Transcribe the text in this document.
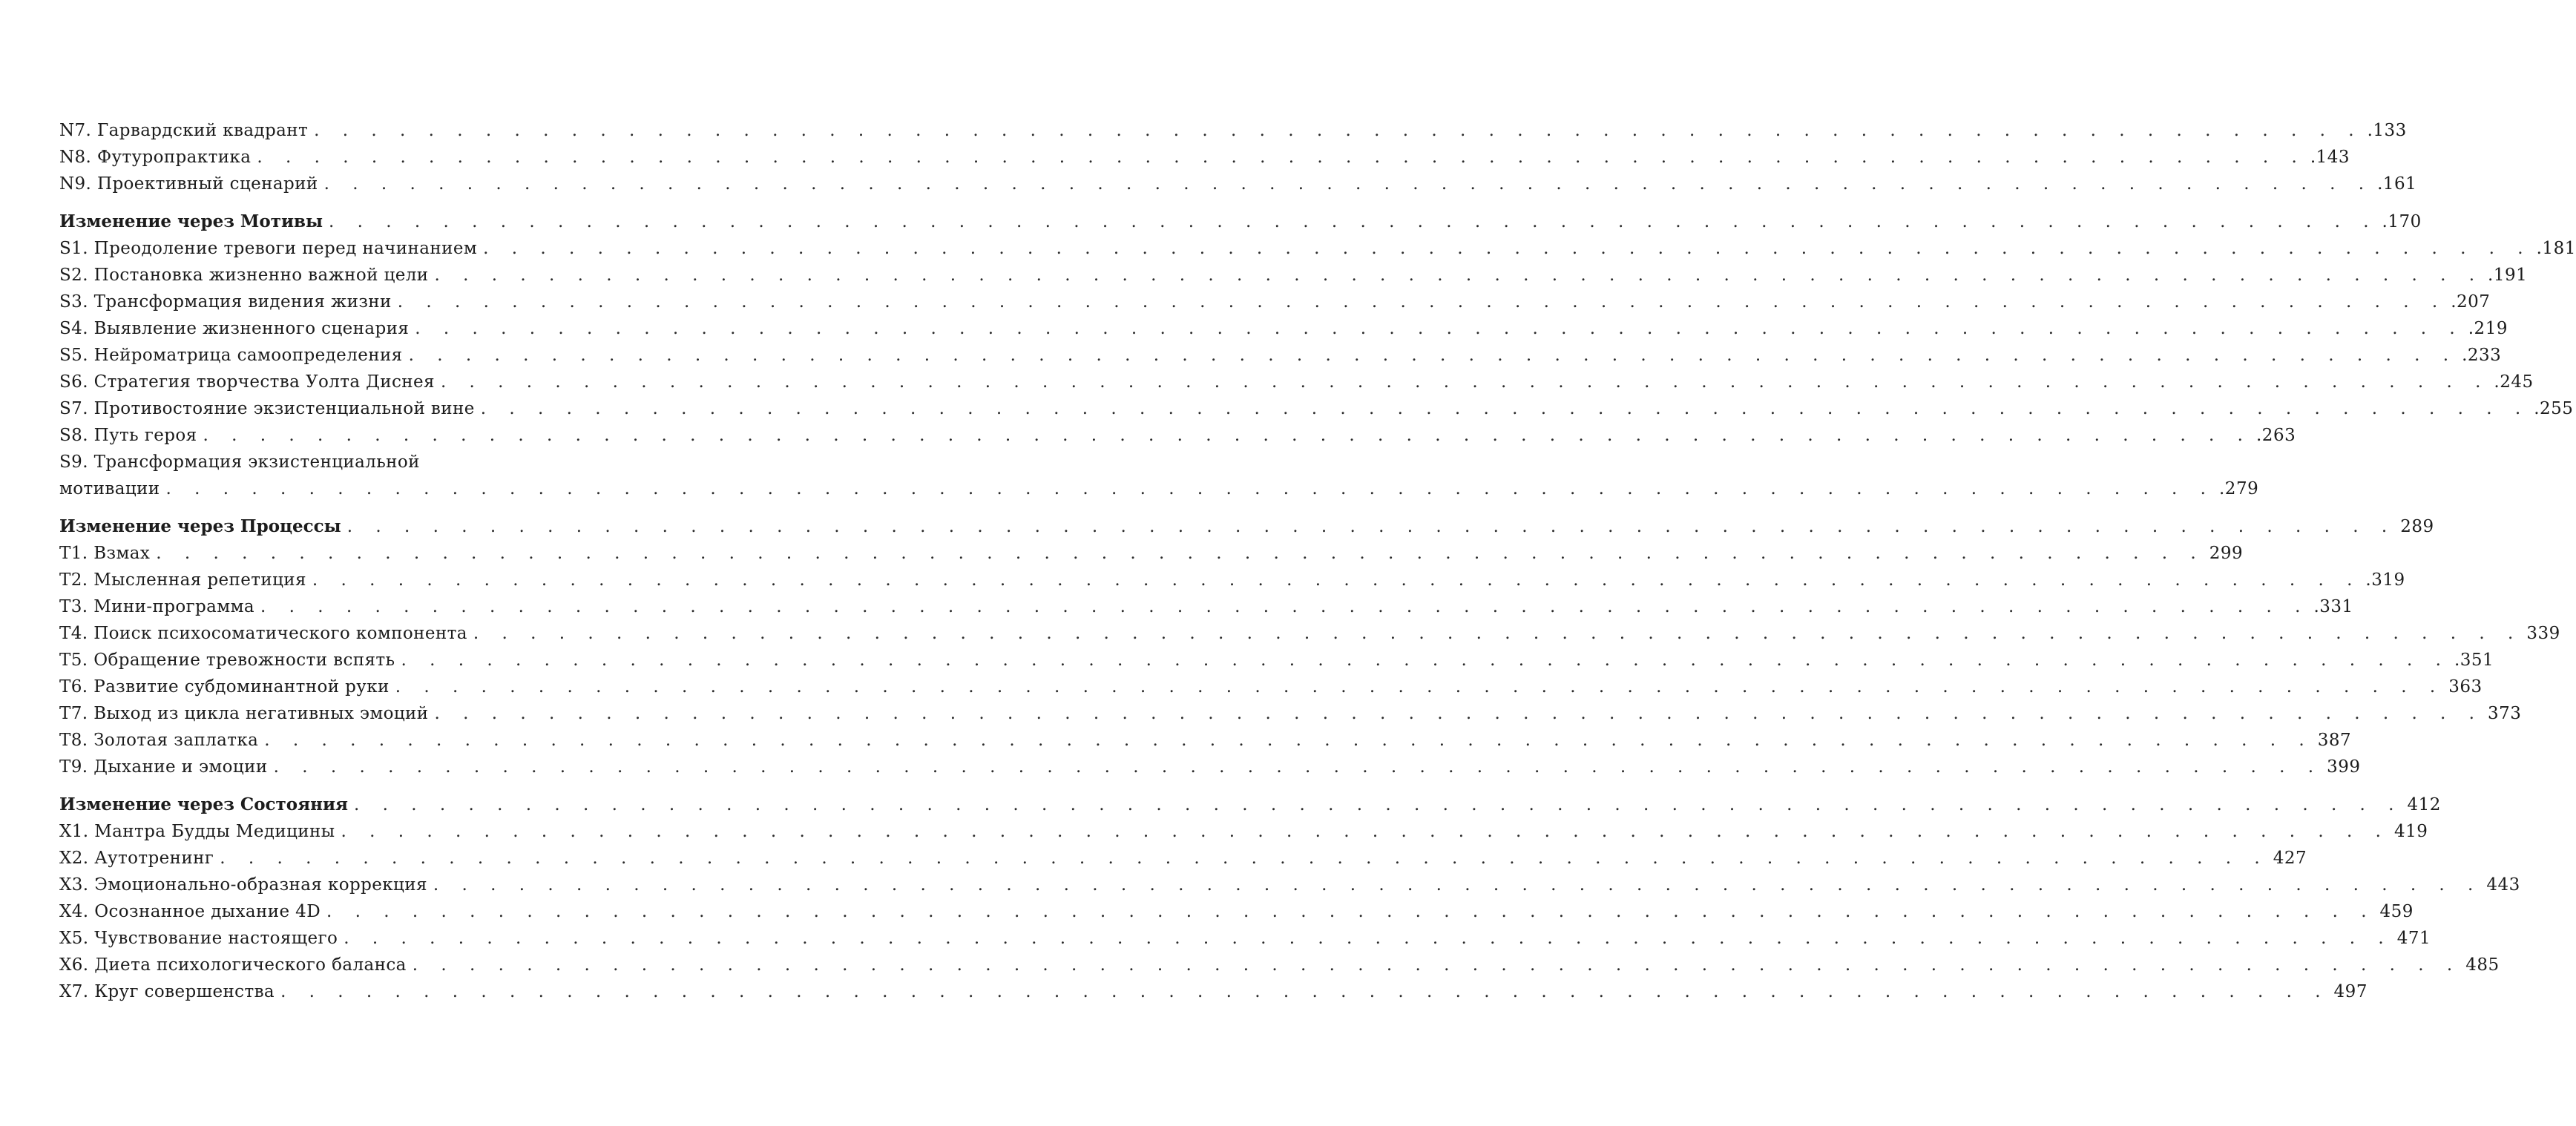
N7. Гарвардский квадрант . . . . . . . . . . . . . . . . . . . . . . . . . . . . . . . . . . . . . . . . . . . . . . . . . . . . . . . . . . . . . . . . . . . . . . . . .133
N8. Футуропрактика . . . . . . . . . . . . . . . . . . . . . . . . . . . . . . . . . . . . . . . . . . . . . . . . . . . . . . . . . . . . . . . . . . . . . . . . .143
N9. Проективный сценарий . . . . . . . . . . . . . . . . . . . . . . . . . . . . . . . . . . . . . . . . . . . . . . . . . . . . . . . . . . . . . . . . . . . . . . . . .161
Изменение через Мотивы . . . . . . . . . . . . . . . . . . . . . . . . . . . . . . . . . . . . . . . . . . . . . . . . . . . . . . . . . . . . . . . . . . . . . . . . .170
S1. Преодоление тревоги перед начинанием . . . . . . . . . . . . . . . . . . . . . . . . . . . . . . . . . . . . . . . . . . . . . . . . . . . . . . . . . . . . . . . . . . . . . . . . .181
S2. Постановка жизненно важной цели . . . . . . . . . . . . . . . . . . . . . . . . . . . . . . . . . . . . . . . . . . . . . . . . . . . . . . . . . . . . . . . . . . . . . . . . .191
S3. Трансформация видения жизни . . . . . . . . . . . . . . . . . . . . . . . . . . . . . . . . . . . . . . . . . . . . . . . . . . . . . . . . . . . . . . . . . . . . . . . . .207
S4. Выявление жизненного сценария . . . . . . . . . . . . . . . . . . . . . . . . . . . . . . . . . . . . . . . . . . . . . . . . . . . . . . . . . . . . . . . . . . . . . . . . .219
S5. Нейроматрица самоопределения . . . . . . . . . . . . . . . . . . . . . . . . . . . . . . . . . . . . . . . . . . . . . . . . . . . . . . . . . . . . . . . . . . . . . . . . .233
S6. Стратегия творчества Уолта Диснея . . . . . . . . . . . . . . . . . . . . . . . . . . . . . . . . . . . . . . . . . . . . . . . . . . . . . . . . . . . . . . . . . . . . . . . . .245
S7. Противостояние экзистенциальной вине . . . . . . . . . . . . . . . . . . . . . . . . . . . . . . . . . . . . . . . . . . . . . . . . . . . . . . . . . . . . . . . . . . . . . . . . .255
S8. Путь героя . . . . . . . . . . . . . . . . . . . . . . . . . . . . . . . . . . . . . . . . . . . . . . . . . . . . . . . . . . . . . . . . . . . . . . . . .263
S9. Трансформация экзистенциальной
мотивации . . . . . . . . . . . . . . . . . . . . . . . . . . . . . . . . . . . . . . . . . . . . . . . . . . . . . . . . . . . . . . . . . . . . . . . . .279
Изменение через Процессы . . . . . . . . . . . . . . . . . . . . . . . . . . . . . . . . . . . . . . . . . . . . . . . . . . . . . . . . . . . . . . . . . . . . . . . . 289
T1. Взмах . . . . . . . . . . . . . . . . . . . . . . . . . . . . . . . . . . . . . . . . . . . . . . . . . . . . . . . . . . . . . . . . . . . . . . . . 299
T2. Мысленная репетиция . . . . . . . . . . . . . . . . . . . . . . . . . . . . . . . . . . . . . . . . . . . . . . . . . . . . . . . . . . . . . . . . . . . . . . . . .319
T3. Мини-программа . . . . . . . . . . . . . . . . . . . . . . . . . . . . . . . . . . . . . . . . . . . . . . . . . . . . . . . . . . . . . . . . . . . . . . . . .331
T4. Поиск психосоматического компонента . . . . . . . . . . . . . . . . . . . . . . . . . . . . . . . . . . . . . . . . . . . . . . . . . . . . . . . . . . . . . . . . . . . . . . . . 339
T5. Обращение тревожности вспять . . . . . . . . . . . . . . . . . . . . . . . . . . . . . . . . . . . . . . . . . . . . . . . . . . . . . . . . . . . . . . . . . . . . . . . . .351
T6. Развитие субдоминантной руки . . . . . . . . . . . . . . . . . . . . . . . . . . . . . . . . . . . . . . . . . . . . . . . . . . . . . . . . . . . . . . . . . . . . . . . . 363
T7. Выход из цикла негативных эмоций . . . . . . . . . . . . . . . . . . . . . . . . . . . . . . . . . . . . . . . . . . . . . . . . . . . . . . . . . . . . . . . . . . . . . . . . 373
T8. Золотая заплатка . . . . . . . . . . . . . . . . . . . . . . . . . . . . . . . . . . . . . . . . . . . . . . . . . . . . . . . . . . . . . . . . . . . . . . . . 387
T9. Дыхание и эмоции . . . . . . . . . . . . . . . . . . . . . . . . . . . . . . . . . . . . . . . . . . . . . . . . . . . . . . . . . . . . . . . . . . . . . . . . 399
Изменение через Состояния . . . . . . . . . . . . . . . . . . . . . . . . . . . . . . . . . . . . . . . . . . . . . . . . . . . . . . . . . . . . . . . . . . . . . . . . 412
X1. Мантра Будды Медицины . . . . . . . . . . . . . . . . . . . . . . . . . . . . . . . . . . . . . . . . . . . . . . . . . . . . . . . . . . . . . . . . . . . . . . . . 419
X2. Аутотренинг . . . . . . . . . . . . . . . . . . . . . . . . . . . . . . . . . . . . . . . . . . . . . . . . . . . . . . . . . . . . . . . . . . . . . . . . 427
X3. Эмоционально-образная коррекция . . . . . . . . . . . . . . . . . . . . . . . . . . . . . . . . . . . . . . . . . . . . . . . . . . . . . . . . . . . . . . . . . . . . . . . . 443
X4. Осознанное дыхание 4D . . . . . . . . . . . . . . . . . . . . . . . . . . . . . . . . . . . . . . . . . . . . . . . . . . . . . . . . . . . . . . . . . . . . . . . . 459
X5. Чувствование настоящего . . . . . . . . . . . . . . . . . . . . . . . . . . . . . . . . . . . . . . . . . . . . . . . . . . . . . . . . . . . . . . . . . . . . . . . . 471
X6. Диета психологического баланса . . . . . . . . . . . . . . . . . . . . . . . . . . . . . . . . . . . . . . . . . . . . . . . . . . . . . . . . . . . . . . . . . . . . . . . . 485
X7. Круг совершенства . . . . . . . . . . . . . . . . . . . . . . . . . . . . . . . . . . . . . . . . . . . . . . . . . . . . . . . . . . . . . . . . . . . . . . . . 497
